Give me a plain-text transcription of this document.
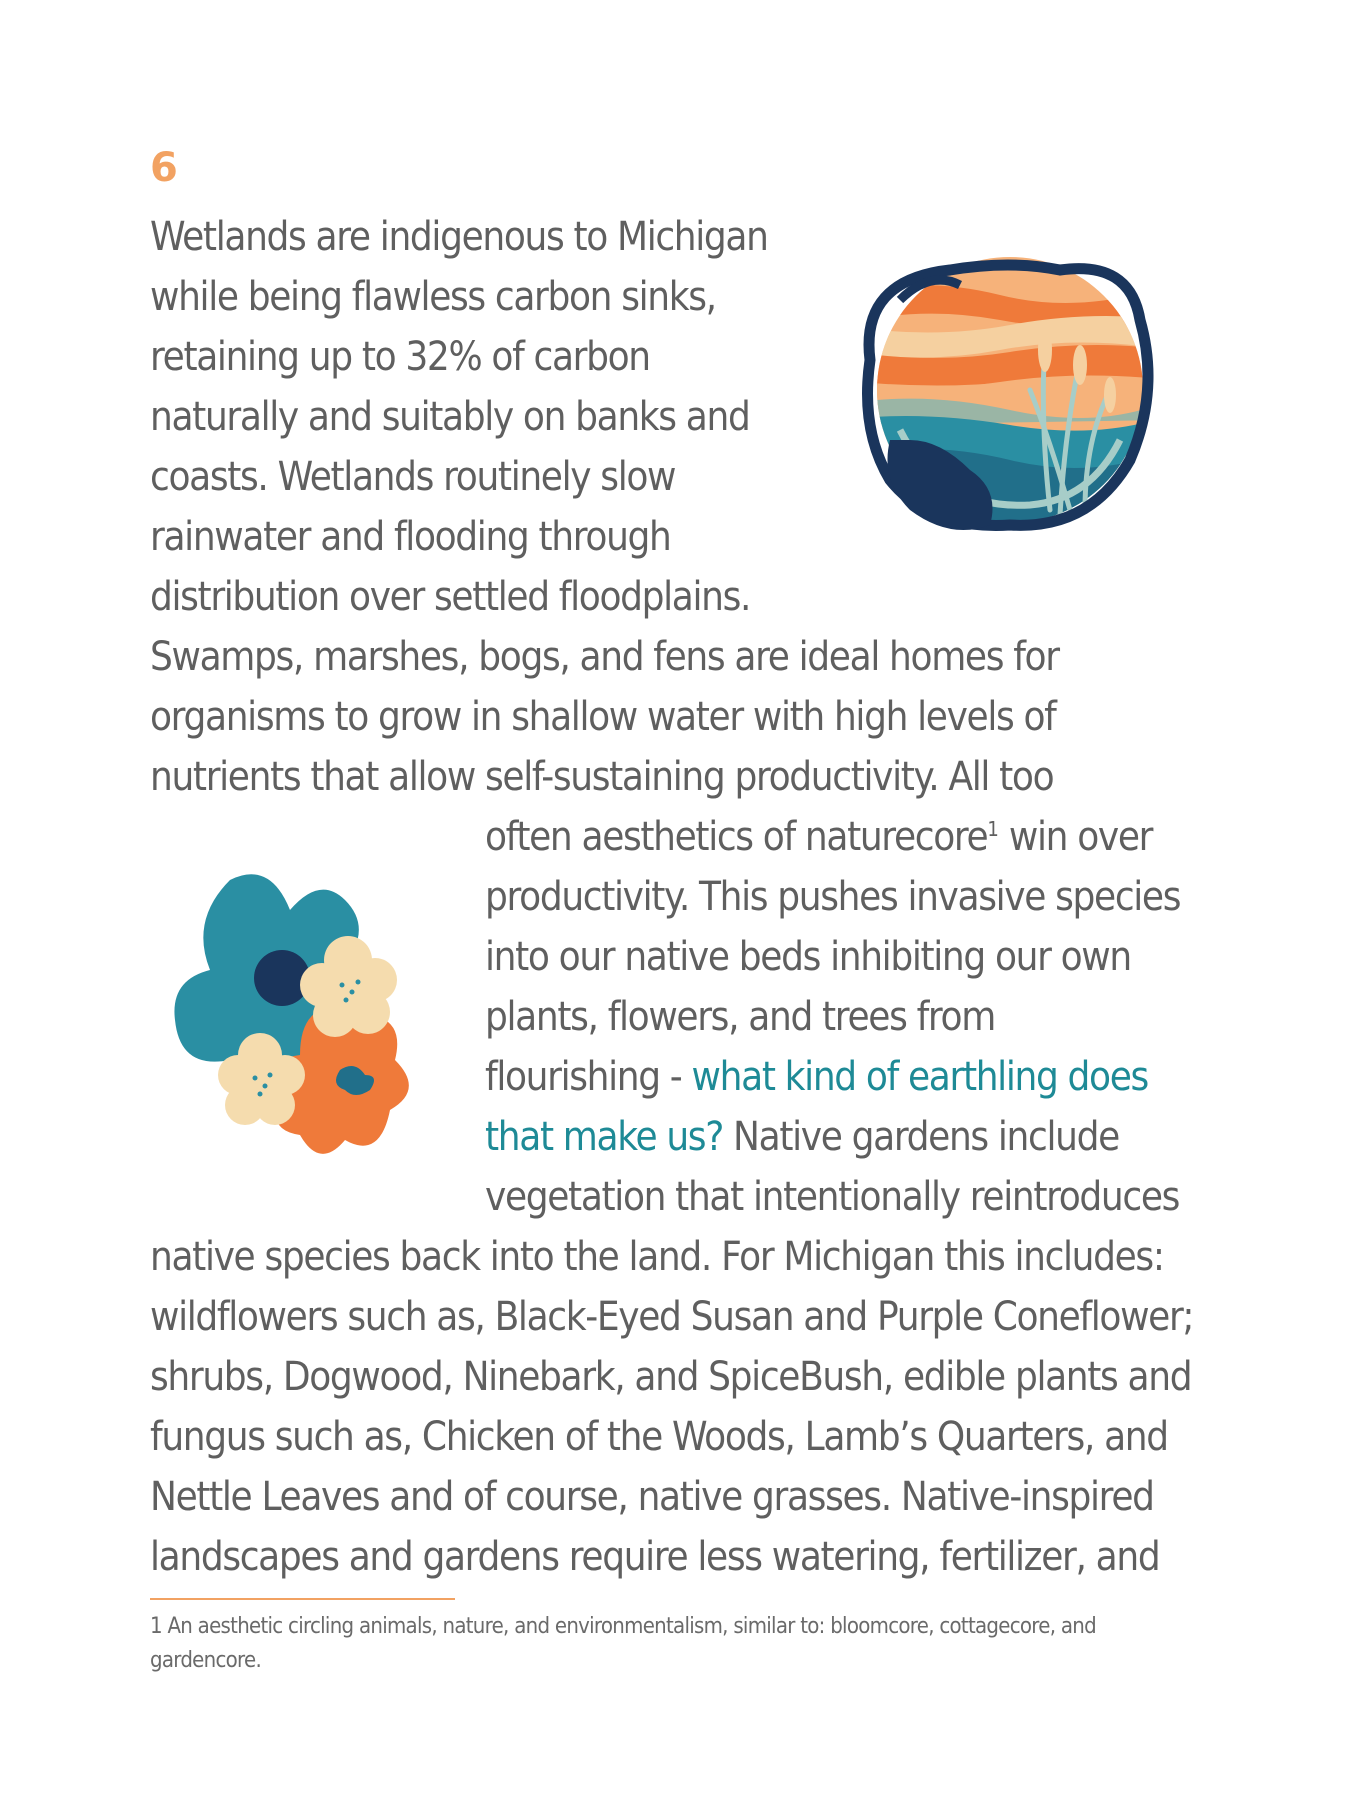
6
Wetlands are indigenous to Michigan
while being flawless carbon sinks,
retaining up to 32% of carbon
naturally and suitably on banks and
coasts. Wetlands routinely slow
rainwater and flooding through
distribution over settled floodplains.
Swamps, marshes, bogs, and fens are ideal homes for
organisms to grow in shallow water with high levels of
nutrients that allow self-sustaining productivity. All too
often aesthetics of naturecore$^1$ win over
productivity. This pushes invasive species
into our native beds inhibiting our own
plants, flowers, and trees from
flourishing - what kind of earthling does
that make us? Native gardens include
vegetation that intentionally reintroduces
native species back into the land. For Michigan this includes:
wildflowers such as, Black-Eyed Susan and Purple Coneflower;
shrubs, Dogwood, Ninebark, and SpiceBush, edible plants and
fungus such as, Chicken of the Woods, Lamb’s Quarters, and
Nettle Leaves and of course, native grasses. Native-inspired
landscapes and gardens require less watering, fertilizer, and
1 An aesthetic circling animals, nature, and environmentalism, similar to: bloomcore, cottagecore, and
gardencore.
